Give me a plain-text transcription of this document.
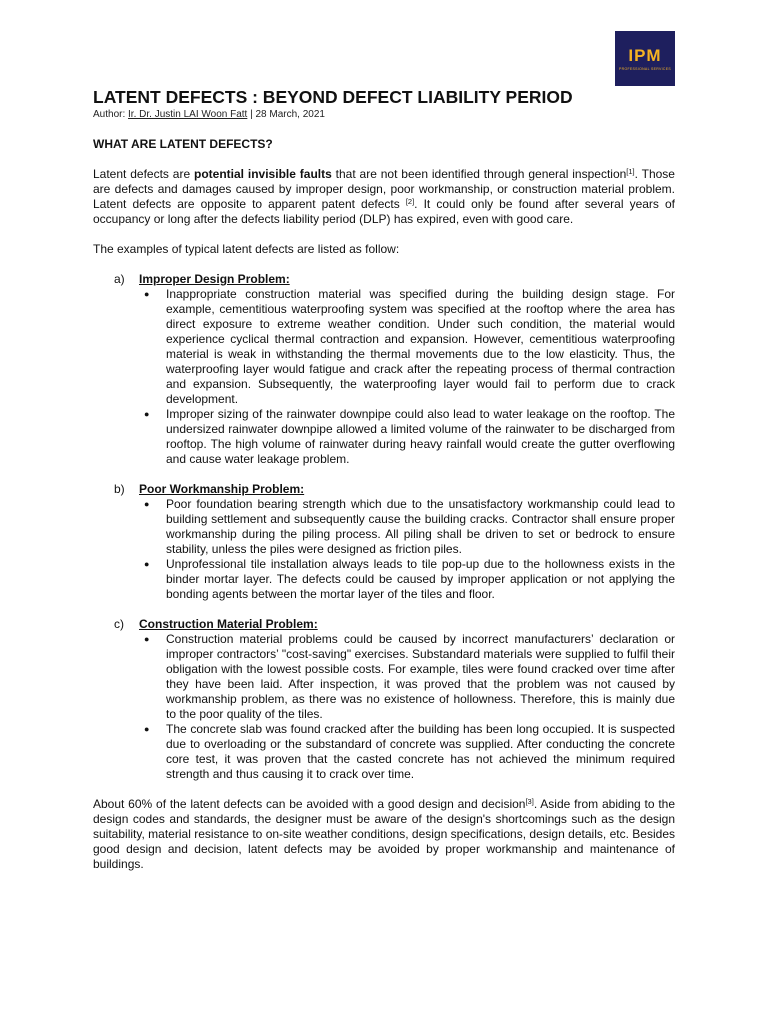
IPM
PROFESSIONAL SERVICES
LATENT DEFECTS : BEYOND DEFECT LIABILITY PERIOD
Author: Ir. Dr. Justin LAI Woon Fatt | 28 March, 2021
WHAT ARE LATENT DEFECTS?

Latent defects are potential invisible faults that are not been identified through general inspection[1]. Those are defects and damages caused by improper design, poor workmanship, or construction material problem. Latent defects are opposite to apparent patent defects [2]. It could only be found after several years of occupancy or long after the defects liability period (DLP) has expired, even with good care.

The examples of typical latent defects are listed as follow:

a) Improper Design Problem:
● Inappropriate construction material was specified during the building design stage. For example, cementitious waterproofing system was specified at the rooftop where the area has direct exposure to extreme weather condition. Under such condition, the material would experience cyclical thermal contraction and expansion. However, cementitious waterproofing material is weak in withstanding the thermal movements due to the low elasticity. Thus, the waterproofing layer would fatigue and crack after the repeating process of thermal contraction and expansion. Subsequently, the waterproofing layer would fail to perform due to crack development.
● Improper sizing of the rainwater downpipe could also lead to water leakage on the rooftop. The undersized rainwater downpipe allowed a limited volume of the rainwater to be discharged from rooftop. The high volume of rainwater during heavy rainfall would create the gutter overflowing and cause water leakage problem.
b) Poor Workmanship Problem:
● Poor foundation bearing strength which due to the unsatisfactory workmanship could lead to building settlement and subsequently cause the building cracks. Contractor shall ensure proper workmanship during the piling process. All piling shall be driven to set or bedrock to ensure stability, unless the piles were designed as friction piles.
● Unprofessional tile installation always leads to tile pop-up due to the hollowness exists in the binder mortar layer. The defects could be caused by improper application or not applying the bonding agents between the mortar layer of the tiles and floor.
c) Construction Material Problem:
● Construction material problems could be caused by incorrect manufacturers’ declaration or improper contractors’ "cost-saving" exercises. Substandard materials were supplied to fulfil their obligation with the lowest possible costs. For example, tiles were found cracked over time after they have been laid. After inspection, it was proved that the problem was not caused by workmanship problem, as there was no existence of hollowness. Therefore, this is mainly due to the poor quality of the tiles.
● The concrete slab was found cracked after the building has been long occupied. It is suspected due to overloading or the substandard of concrete was supplied. After conducting the concrete core test, it was proven that the casted concrete has not achieved the minimum required strength and thus causing it to crack over time.

About 60% of the latent defects can be avoided with a good design and decision[3]. Aside from abiding to the design codes and standards, the designer must be aware of the design's shortcomings such as the design suitability, material resistance to on-site weather conditions, design specifications, design details, etc. Besides good design and decision, latent defects may be avoided by proper workmanship and maintenance of buildings.
